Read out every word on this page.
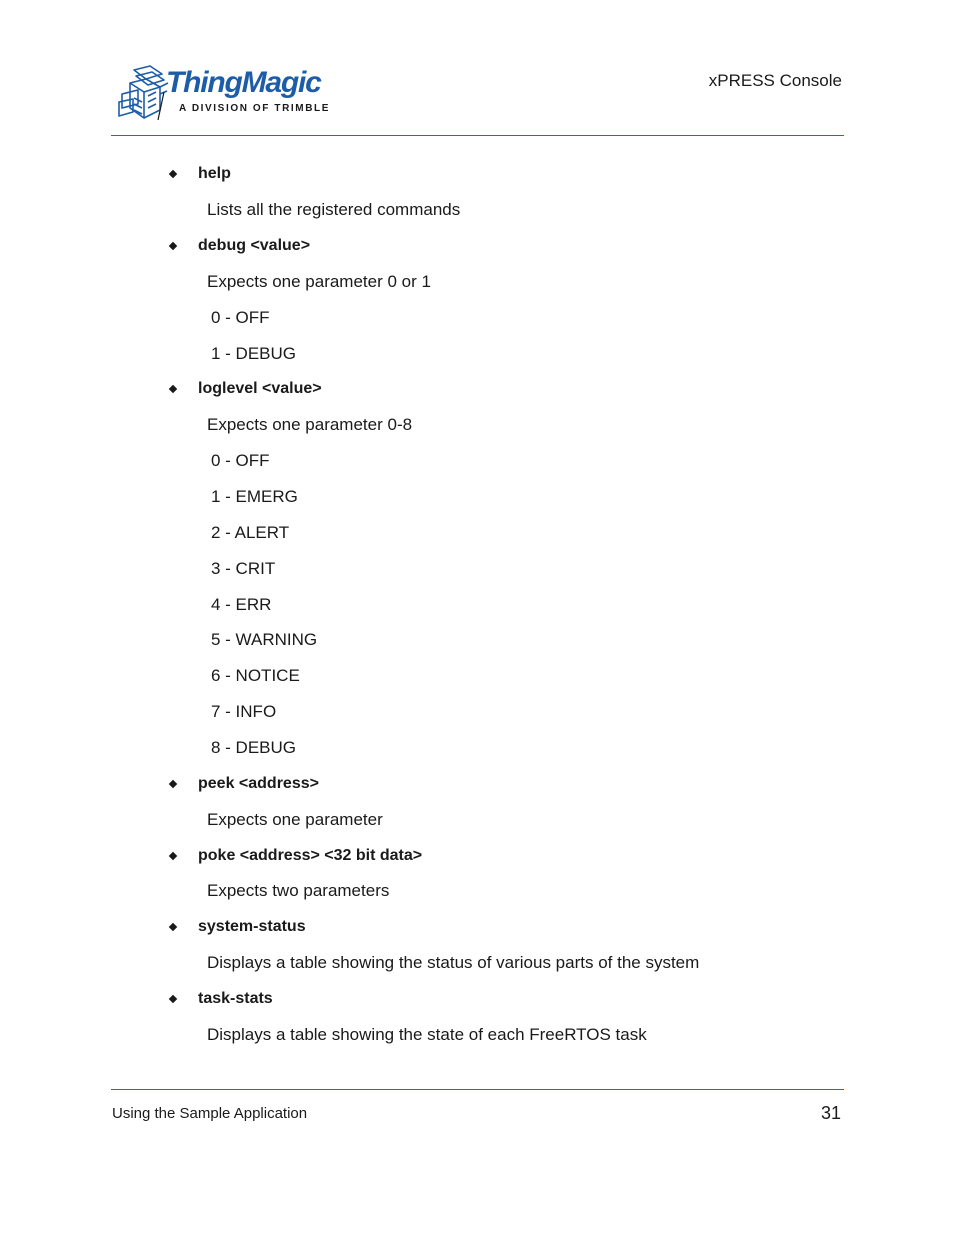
ThingMagic
A DIVISION OF TRIMBLE
xPRESS Console
help
Lists all the registered commands
debug <value>
Expects one parameter 0 or 1
0 - OFF
1 - DEBUG
loglevel <value>
Expects one parameter 0-8
0 - OFF
1 - EMERG
2 - ALERT
3 - CRIT
4 - ERR
5 - WARNING
6 - NOTICE
7 - INFO
8 - DEBUG
peek <address>
Expects one parameter
poke <address> <32 bit data>
Expects two parameters
system-status
Displays a table showing the status of various parts of the system
task-stats
Displays a table showing the state of each FreeRTOS task
Using the Sample Application	31
